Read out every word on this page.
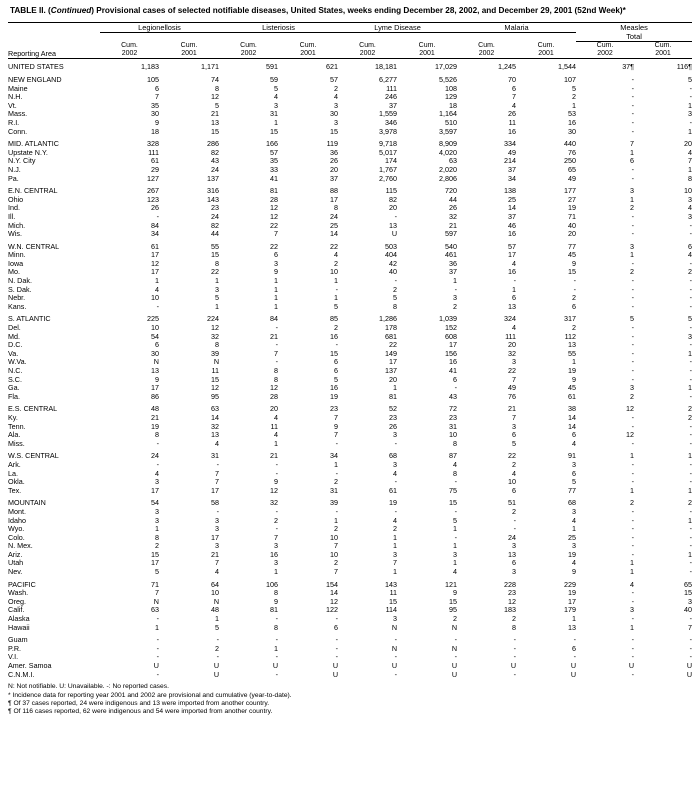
TABLE II. (Continued) Provisional cases of selected notifiable diseases, United States, weeks ending December 28, 2002, and December 29, 2001 (52nd Week)*
	Legionellosis		Listeriosis		Lyme Disease		Malaria		Measles	
									Total	
Reporting Area	Cum.	Cum.	Cum.	Cum.	Cum.	Cum.	Cum.	Cum.	Cum.	Cum.
	2002	2001	2002	2001	2002	2001	2002	2001	2002	2001

UNITED STATES	1,183	1,171	591	621	18,181	17,029	1,245	1,544	37¶	116¶
NEW ENGLAND	105	74	59	57	6,277	5,526	70	107	-	5
Maine	6	8	5	2	111	108	6	5	-	-
N.H.	7	12	4	4	246	129	7	2	-	-
Vt.	35	5	3	3	37	18	4	1	-	1
Mass.	30	21	31	30	1,559	1,164	26	53	-	3
R.I.	9	13	1	3	346	510	11	16	-	-
Conn.	18	15	15	15	3,978	3,597	16	30	-	1
MID. ATLANTIC	328	286	166	119	9,718	8,909	334	440	7	20
Upstate N.Y.	111	82	57	36	5,017	4,020	49	76	1	4
N.Y. City	61	43	35	26	174	63	214	250	6	7
N.J.	29	24	33	20	1,767	2,020	37	65	-	1
Pa.	127	137	41	37	2,760	2,806	34	49	-	8
E.N. CENTRAL	267	316	81	88	115	720	138	177	3	10
Ohio	123	143	28	17	82	44	25	27	1	3
Ind.	26	23	12	8	20	26	14	19	2	4
Ill.	-	24	12	24	-	32	37	71	-	3
Mich.	84	82	22	25	13	21	46	40	-	-
Wis.	34	44	7	14	U	597	16	20	-	-
W.N. CENTRAL	61	55	22	22	503	540	57	77	3	6
Minn.	17	15	6	4	404	461	17	45	1	4
Iowa	12	8	3	2	42	36	4	9	-	-
Mo.	17	22	9	10	40	37	16	15	2	2
N. Dak.	1	1	1	1	-	1	-	-	-	-
S. Dak.	4	3	1	-	2	-	1	-	-	-
Nebr.	10	5	1	1	5	3	6	2	-	-
Kans.	-	1	1	5	8	2	13	6	-	-
S. ATLANTIC	225	224	84	85	1,286	1,039	324	317	5	5
Del.	10	12	-	2	178	152	4	2	-	-
Md.	54	32	21	16	681	608	111	112	-	3
D.C.	6	8	-	-	22	17	20	13	-	-
Va.	30	39	7	15	149	156	32	55	-	1
W.Va.	N	N	-	6	17	16	3	1	-	-
N.C.	13	11	8	6	137	41	22	19	-	-
S.C.	9	15	8	5	20	6	7	9	-	-
Ga.	17	12	12	16	1	-	49	45	3	1
Fla.	86	95	28	19	81	43	76	61	2	-
E.S. CENTRAL	48	63	20	23	52	72	21	38	12	2
Ky.	21	14	4	7	23	23	7	14	-	2
Tenn.	19	32	11	9	26	31	3	14	-	-
Ala.	8	13	4	7	3	10	6	6	12	-
Miss.	-	4	1	-	-	8	5	4	-	-
W.S. CENTRAL	24	31	21	34	68	87	22	91	1	1
Ark.	-	-	-	1	3	4	2	3	-	-
La.	4	7	-	-	4	8	4	6	-	-
Okla.	3	7	9	2	-	-	10	5	-	-
Tex.	17	17	12	31	61	75	6	77	1	1
MOUNTAIN	54	58	32	39	19	15	51	68	2	2
Mont.	3	-	-	-	-	-	2	3	-	-
Idaho	3	3	2	1	4	5	-	4	-	1
Wyo.	1	3	-	2	2	1	-	1	-	-
Colo.	8	17	7	10	1	-	24	25	-	-
N. Mex.	2	3	3	7	1	1	3	3	-	-
Ariz.	15	21	16	10	3	3	13	19	-	1
Utah	17	7	3	2	7	1	6	4	1	-
Nev.	5	4	1	7	1	4	3	9	1	-
PACIFIC	71	64	106	154	143	121	228	229	4	65
Wash.	7	10	8	14	11	9	23	19	-	15
Oreg.	N	N	9	12	15	15	12	17	-	3
Calif.	63	48	81	122	114	95	183	179	3	40
Alaska	-	1	-	-	3	2	2	1	-	-
Hawaii	1	5	8	6	N	N	8	13	1	7
Guam	-	-	-	-	-	-	-	-	-	-
P.R.	-	2	1	-	N	N	-	6	-	-
V.I.	-	-	-	-	-	-	-	-	-	-
Amer. Samoa	U	U	U	U	U	U	U	U	U	U
C.N.M.I.	-	U	-	U	-	U	-	U	-	U
N: Not notifiable. U: Unavailable. -: No reported cases.
* Incidence data for reporting year 2001 and 2002 are provisional and cumulative (year-to-date).
¶ Of 37 cases reported, 24 were indigenous and 13 were imported from another country.
¶ Of 116 cases reported, 62 were indigenous and 54 were imported from another country.
